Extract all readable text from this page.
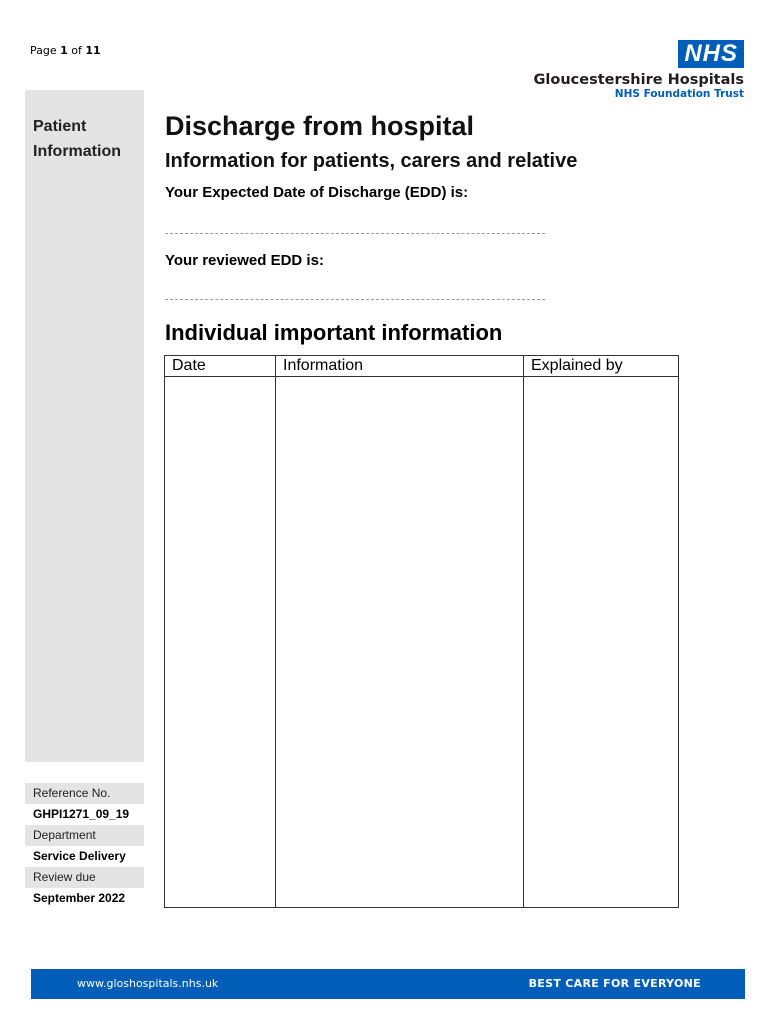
Page 1 of 11	NHS
Gloucestershire Hospitals
NHS Foundation Trust
Patient
Information
Reference No.
GHPI1271_09_19
Department
Service Delivery
Review due
September 2022
Discharge from hospital
Information for patients, carers and relative
Your Expected Date of Discharge (EDD) is:
Your reviewed EDD is:
Individual important information
Date	Information	Explained by

www.gloshospitals.nhs.uk	BEST CARE FOR EVERYONE
